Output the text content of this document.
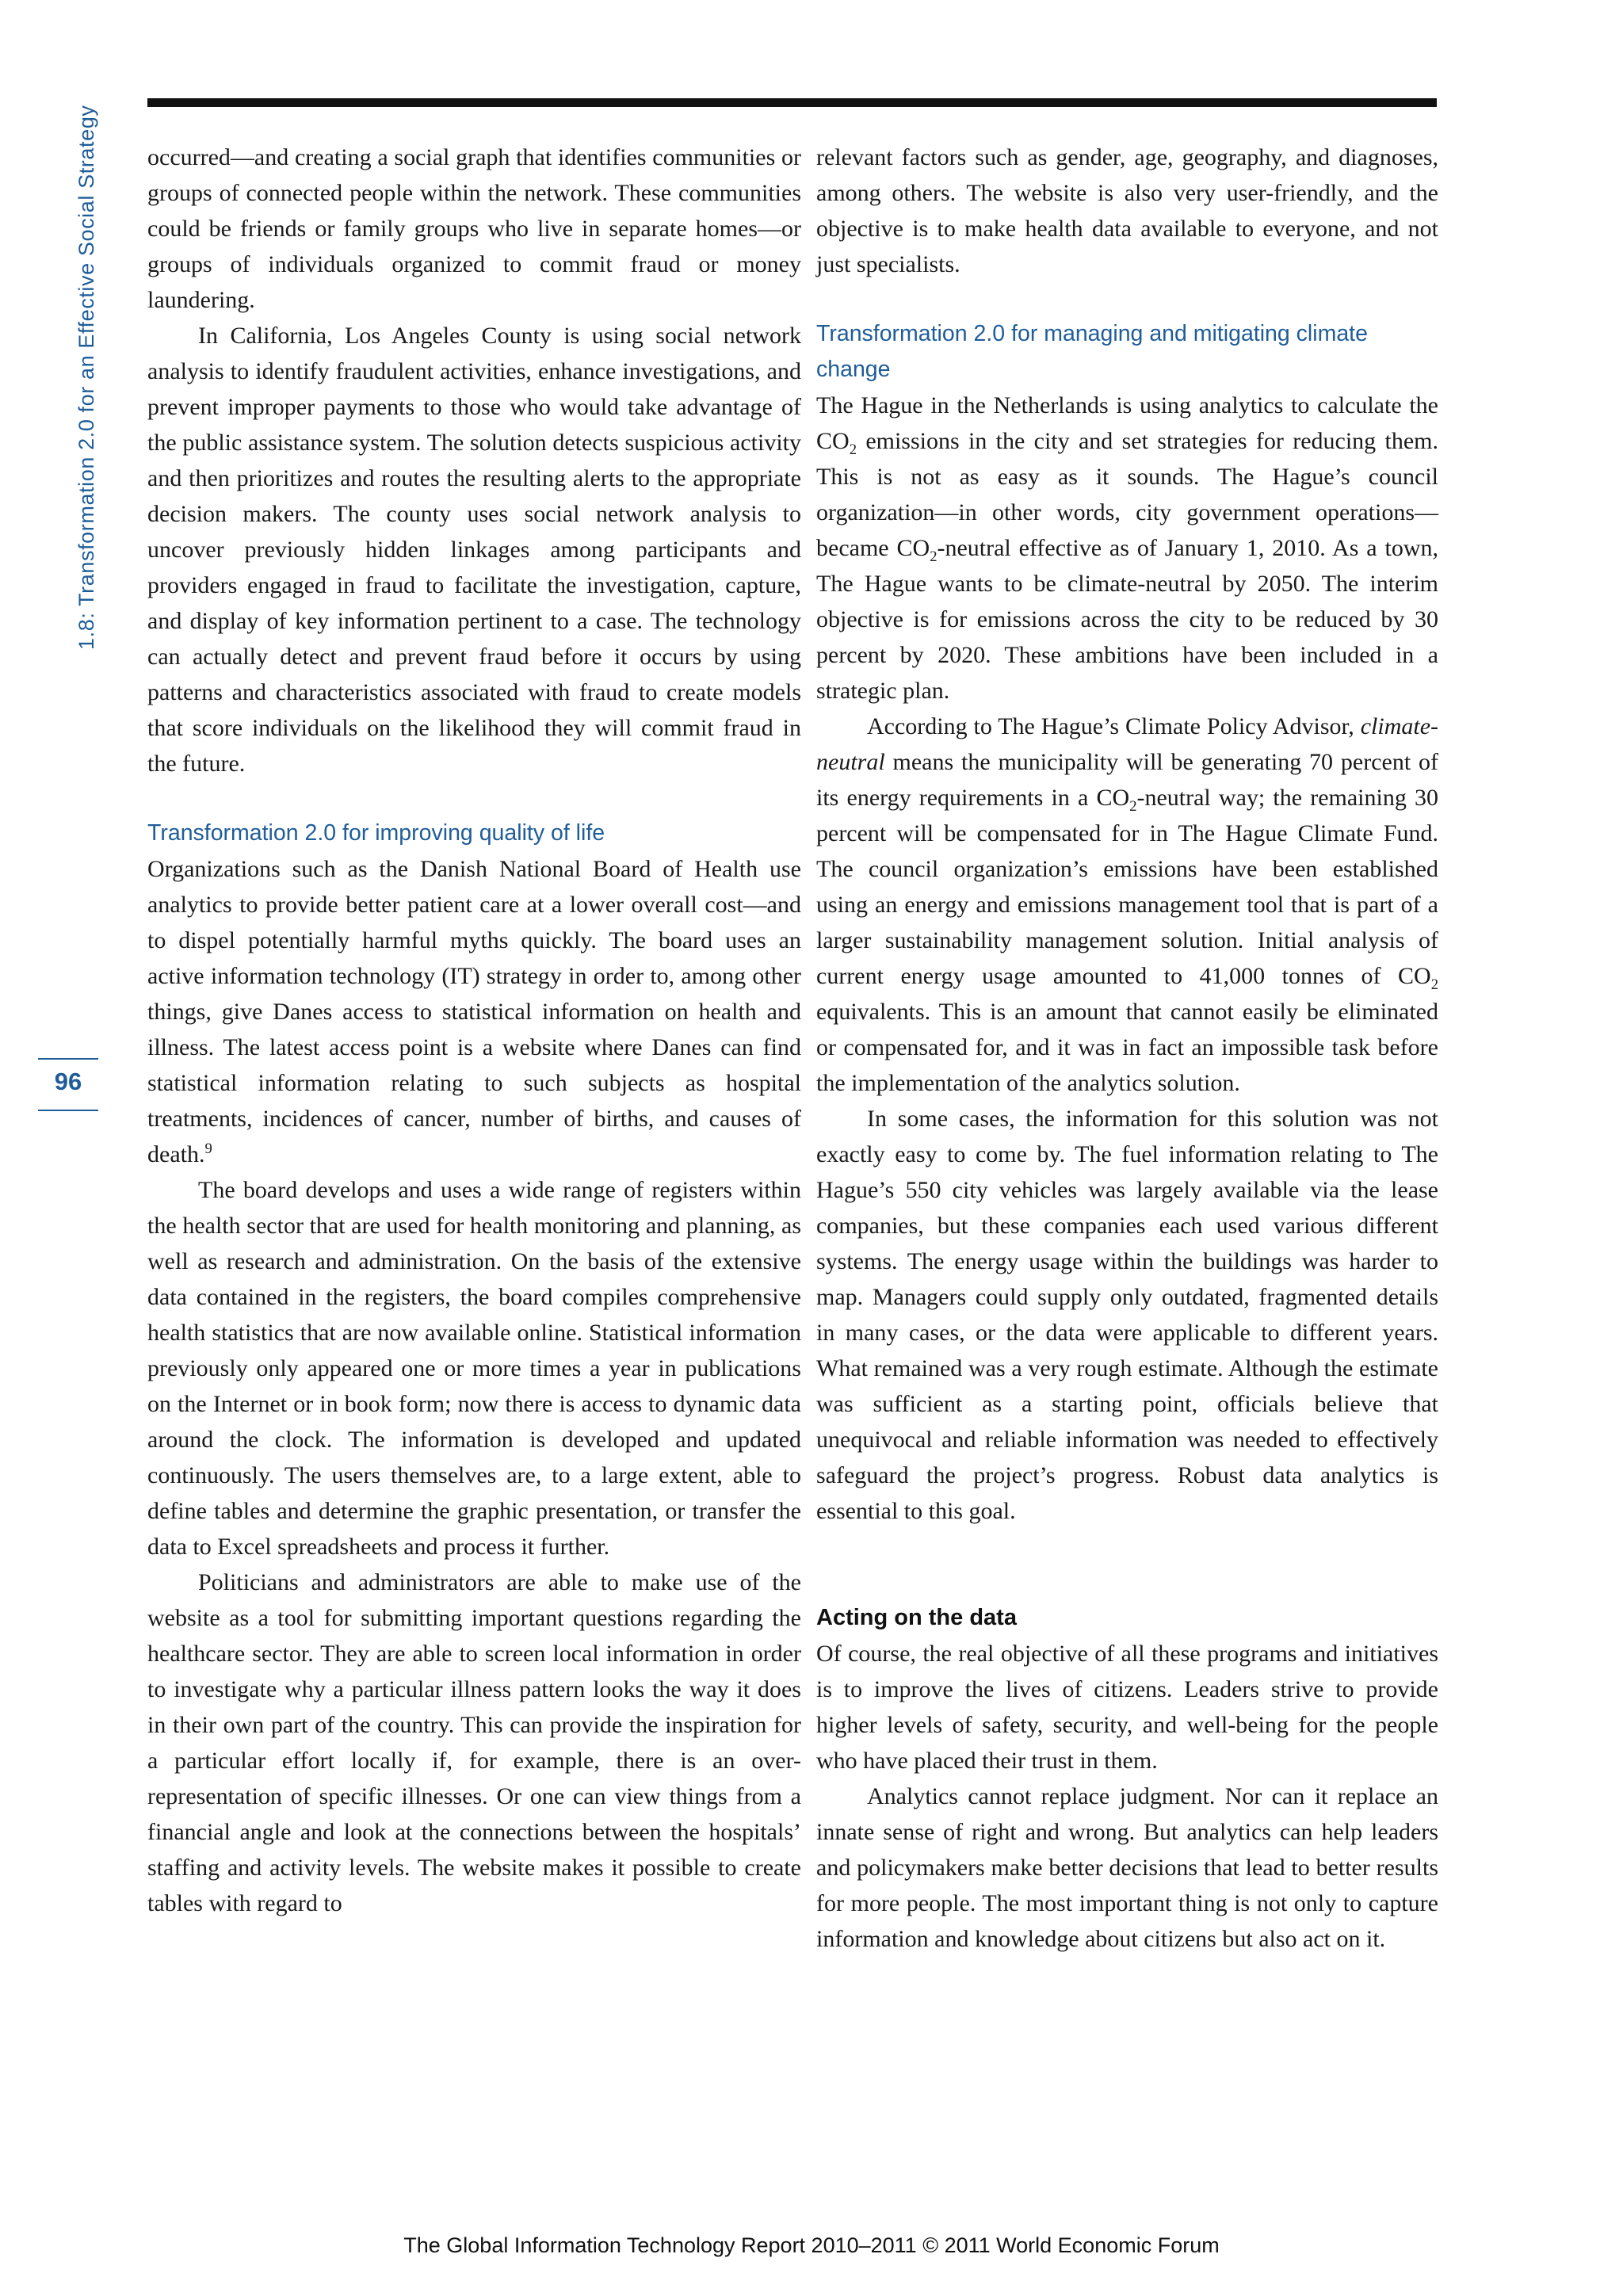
1.8: Transformation 2.0 for an Effective Social Strategy
96

occurred—and creating a social graph that identifies communities or groups of connected people within the network. These communities could be friends or family groups who live in separate homes—or groups of individuals organized to commit fraud or money laundering.

In California, Los Angeles County is using social network analysis to identify fraudulent activities, enhance investigations, and prevent improper payments to those who would take advantage of the public assistance system. The solution detects suspicious activity and then prioritizes and routes the resulting alerts to the appropriate decision makers. The county uses social network analysis to uncover previously hidden linkages among participants and providers engaged in fraud to facilitate the investigation, capture, and display of key information pertinent to a case. The technology can actually detect and prevent fraud before it occurs by using patterns and characteristics associated with fraud to create models that score individuals on the likelihood they will commit fraud in the future.

Transformation 2.0 for improving quality of life

Organizations such as the Danish National Board of Health use analytics to provide better patient care at a lower overall cost—and to dispel potentially harmful myths quickly. The board uses an active information technology (IT) strategy in order to, among other things, give Danes access to statistical information on health and illness. The latest access point is a website where Danes can find statistical information relating to such subjects as hospital treatments, incidences of cancer, number of births, and causes of death.$^9$

The board develops and uses a wide range of registers within the health sector that are used for health monitoring and planning, as well as research and administration. On the basis of the extensive data contained in the registers, the board compiles comprehensive health statistics that are now available online. Statistical information previously only appeared one or more times a year in publications on the Internet or in book form; now there is access to dynamic data around the clock. The information is developed and updated continuously. The users themselves are, to a large extent, able to define tables and determine the graphic presentation, or transfer the data to Excel spreadsheets and process it further.

Politicians and administrators are able to make use of the website as a tool for submitting important questions regarding the healthcare sector. They are able to screen local information in order to investigate why a particular illness pattern looks the way it does in their own part of the country. This can provide the inspiration for a particular effort locally if, for example, there is an over-representation of specific illnesses. Or one can view things from a financial angle and look at the connections between the hospitals’ staffing and activity levels. The website makes it possible to create tables with regard to

relevant factors such as gender, age, geography, and diagnoses, among others. The website is also very user-friendly, and the objective is to make health data available to everyone, and not just specialists.

Transformation 2.0 for managing and mitigating climate change

The Hague in the Netherlands is using analytics to calculate the $CO_2$ emissions in the city and set strategies for reducing them. This is not as easy as it sounds. The Hague’s council organization—in other words, city government operations—became $CO_2$-neutral effective as of January 1, 2010. As a town, The Hague wants to be climate-neutral by 2050. The interim objective is for emissions across the city to be reduced by 30 percent by 2020. These ambitions have been included in a strategic plan.

According to The Hague’s Climate Policy Advisor, climate-neutral means the municipality will be generating 70 percent of its energy requirements in a $CO_2$-neutral way; the remaining 30 percent will be compensated for in The Hague Climate Fund. The council organization’s emissions have been established using an energy and emissions management tool that is part of a larger sustainability management solution. Initial analysis of current energy usage amounted to 41,000 tonnes of $CO_2$ equivalents. This is an amount that cannot easily be eliminated or compensated for, and it was in fact an impossible task before the implementation of the analytics solution.

In some cases, the information for this solution was not exactly easy to come by. The fuel information relating to The Hague’s 550 city vehicles was largely available via the lease companies, but these companies each used various different systems. The energy usage within the buildings was harder to map. Managers could supply only outdated, fragmented details in many cases, or the data were applicable to different years. What remained was a very rough estimate. Although the estimate was sufficient as a starting point, officials believe that unequivocal and reliable information was needed to effectively safeguard the project’s progress. Robust data analytics is essential to this goal.

Acting on the data

Of course, the real objective of all these programs and initiatives is to improve the lives of citizens. Leaders strive to provide higher levels of safety, security, and well-being for the people who have placed their trust in them.

Analytics cannot replace judgment. Nor can it replace an innate sense of right and wrong. But analytics can help leaders and policymakers make better decisions that lead to better results for more people. The most important thing is not only to capture information and knowledge about citizens but also act on it.

The Global Information Technology Report 2010–2011 © 2011 World Economic Forum
